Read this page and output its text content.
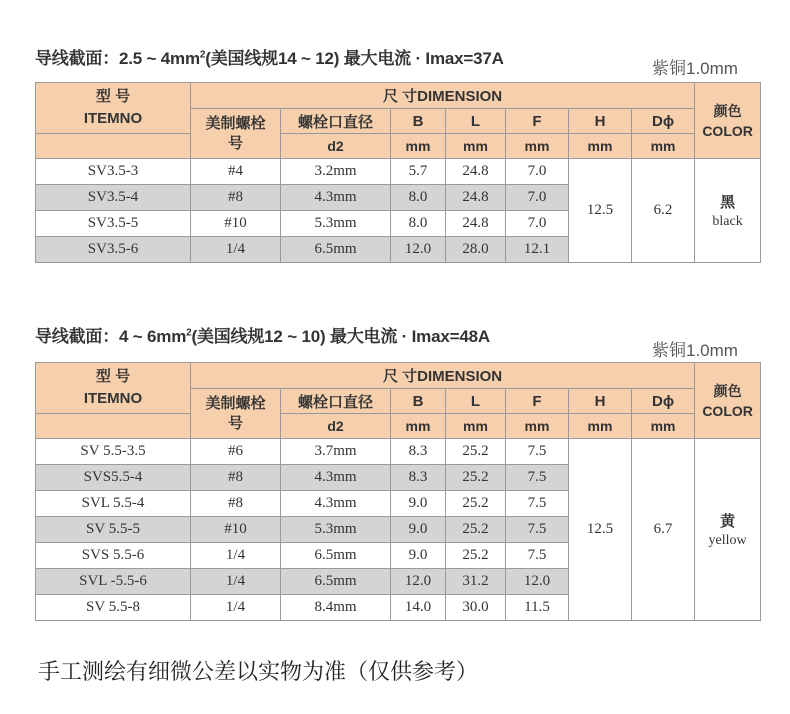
导线截面：2.5 ~ $4mm^2$(美国线规14 ~ 12) 最大电流 · Imax=37A
紫铜1.0mm
型 号
ITEMNO	尺 寸DIMENSION							颜色
COLOR
	美制螺栓号	螺栓口直径	B	L	F	H	Dϕ	
		d2	mm	mm	mm	mm	mm	
SV3.5-3	#4	3.2mm	5.7	24.8	7.0	12.5	6.2	黑
black

SV3.5-4	#8	4.3mm	8.0	24.8	7.0			
SV3.5-5	#10	5.3mm	8.0	24.8	7.0			
SV3.5-6	1/4	6.5mm	12.0	28.0	12.1			
导线截面：4 ~ $6mm^2$(美国线规12 ~ 10) 最大电流 · Imax=48A
紫铜1.0mm
型 号
ITEMNO	尺 寸DIMENSION							颜色
COLOR
	美制螺栓号	螺栓口直径	B	L	F	H	Dϕ	
		d2	mm	mm	mm	mm	mm	
SV 5.5-3.5	#6	3.7mm	8.3	25.2	7.5	12.5	6.7	黄
yellow

SVS5.5-4	#8	4.3mm	8.3	25.2	7.5			
SVL 5.5-4	#8	4.3mm	9.0	25.2	7.5			
SV 5.5-5	#10	5.3mm	9.0	25.2	7.5			
SVS 5.5-6	1/4	6.5mm	9.0	25.2	7.5			
SVL -5.5-6	1/4	6.5mm	12.0	31.2	12.0			
SV 5.5-8	1/4	8.4mm	14.0	30.0	11.5			
手工测绘有细微公差以实物为准（仅供参考）
